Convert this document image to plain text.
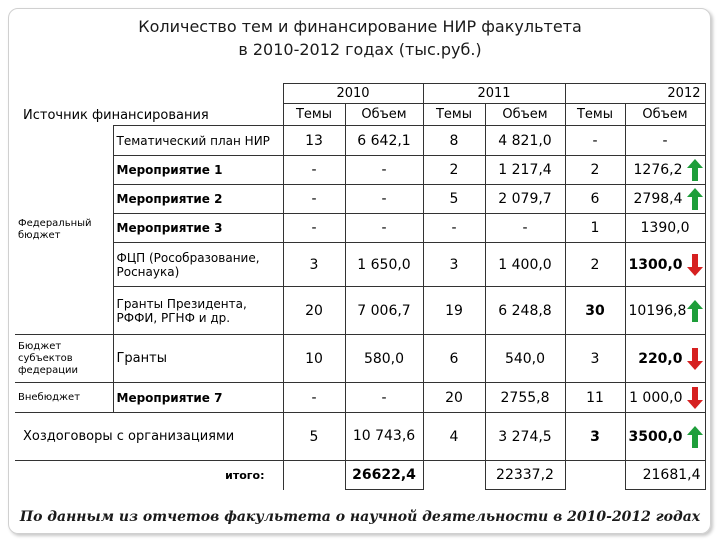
Количество тем и финансирование НИР факультета
в 2010-2012 годах (тыс.руб.)
Источник финансирования		2010		2011		2012	
		Темы	Объем	Темы	Объем	Темы	Объем
Федеральный бюджет	Тематический план НИР	13	6 642,1	8	4 821,0	-	-
	Мероприятие 1	-	-	2	1 217,4	2	1276,2

	Мероприятие 2	-	-	5	2 079,7	6	2798,4

	Мероприятие 3	-	-	-	-	1	1390,0
	ФЦП (Рособразование, Роснаука)	3	1 650,0	3	1 400,0	2	1300,0

	Гранты Президента, РФФИ, РГНФ и др.	20	7 006,7	19	6 248,8	30	10196,8

Бюджет субъектов федерации	Гранты	10	580,0	6	540,0	3	220,0

Внебюджет	Мероприятие 7	-	-	20	2755,8	11	1 000,0

Хоздоговоры с организациями		5	10 743,6	4	3 274,5	3	3500,0

итого:			26622,4		22337,2		21681,4
По данным из отчетов факультета о научной деятельности в 2010-2012 годах
